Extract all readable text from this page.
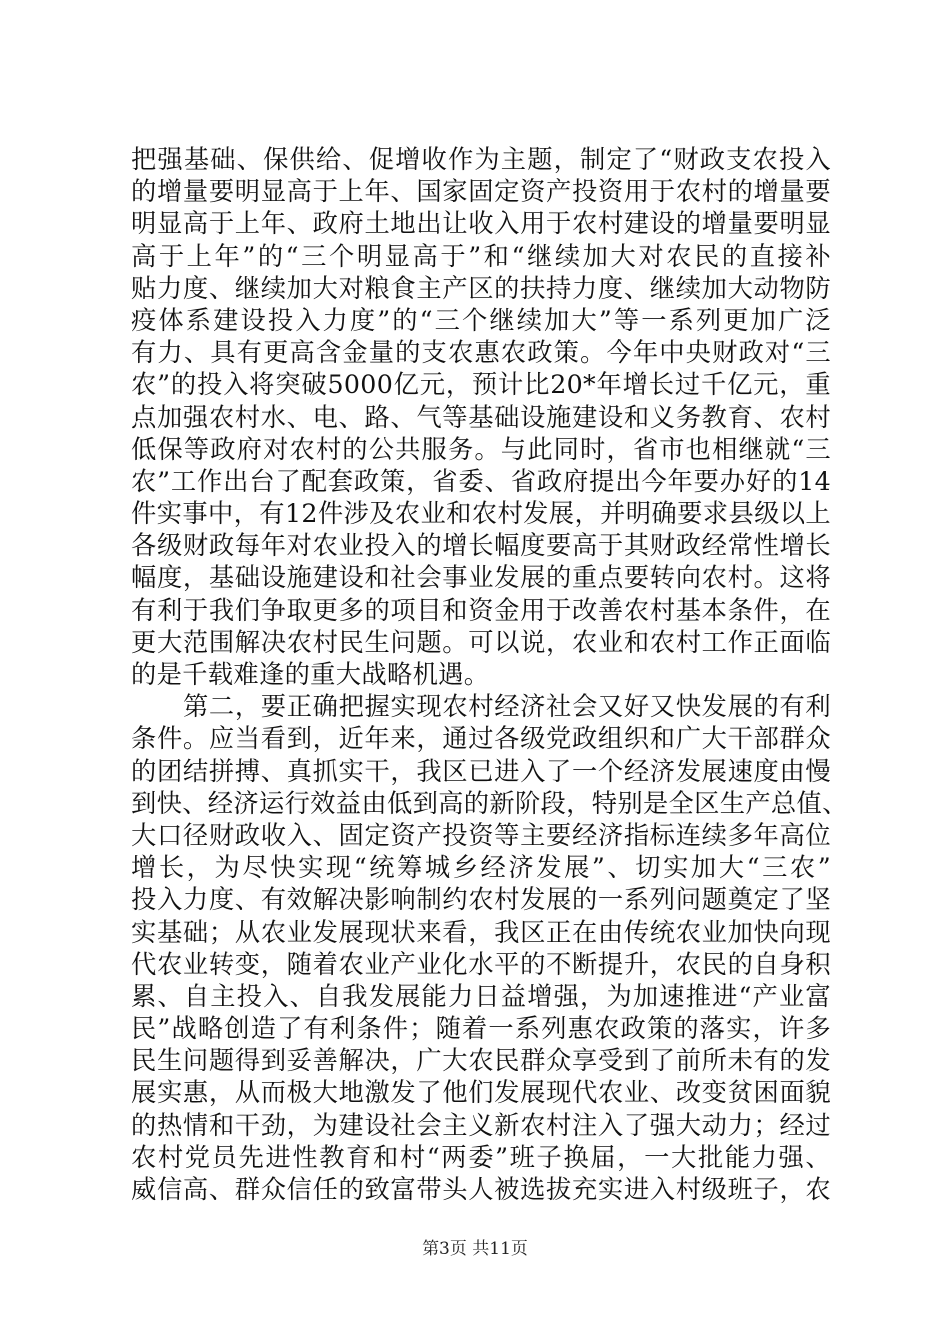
把强基础、保供给、促增收作为主题，制定了“财政支农投入
的增量要明显高于上年、国家固定资产投资用于农村的增量要
明显高于上年、政府土地出让收入用于农村建设的增量要明显
高于上年”的“三个明显高于”和“继续加大对农民的直接补
贴力度、继续加大对粮食主产区的扶持力度、继续加大动物防
疫体系建设投入力度”的“三个继续加大”等一系列更加广泛
有力、具有更高含金量的支农惠农政策。今年中央财政对“三
农”的投入将突破5000亿元，预计比20*年增长过千亿元，重
点加强农村水、电、路、气等基础设施建设和义务教育、农村
低保等政府对农村的公共服务。与此同时，省市也相继就“三
农”工作出台了配套政策，省委、省政府提出今年要办好的14
件实事中，有12件涉及农业和农村发展，并明确要求县级以上
各级财政每年对农业投入的增长幅度要高于其财政经常性增长
幅度，基础设施建设和社会事业发展的重点要转向农村。这将
有利于我们争取更多的项目和资金用于改善农村基本条件，在
更大范围解决农村民生问题。可以说，农业和农村工作正面临
的是千载难逢的重大战略机遇。
第二，要正确把握实现农村经济社会又好又快发展的有利
条件。应当看到，近年来，通过各级党政组织和广大干部群众
的团结拼搏、真抓实干，我区已进入了一个经济发展速度由慢
到快、经济运行效益由低到高的新阶段，特别是全区生产总值、
大口径财政收入、固定资产投资等主要经济指标连续多年高位
增长，为尽快实现“统筹城乡经济发展”、切实加大“三农”
投入力度、有效解决影响制约农村发展的一系列问题奠定了坚
实基础；从农业发展现状来看，我区正在由传统农业加快向现
代农业转变，随着农业产业化水平的不断提升，农民的自身积
累、自主投入、自我发展能力日益增强，为加速推进“产业富
民”战略创造了有利条件；随着一系列惠农政策的落实，许多
民生问题得到妥善解决，广大农民群众享受到了前所未有的发
展实惠，从而极大地激发了他们发展现代农业、改变贫困面貌
的热情和干劲，为建设社会主义新农村注入了强大动力；经过
农村党员先进性教育和村“两委”班子换届，一大批能力强、
威信高、群众信任的致富带头人被选拔充实进入村级班子，农
第3页 共11页
